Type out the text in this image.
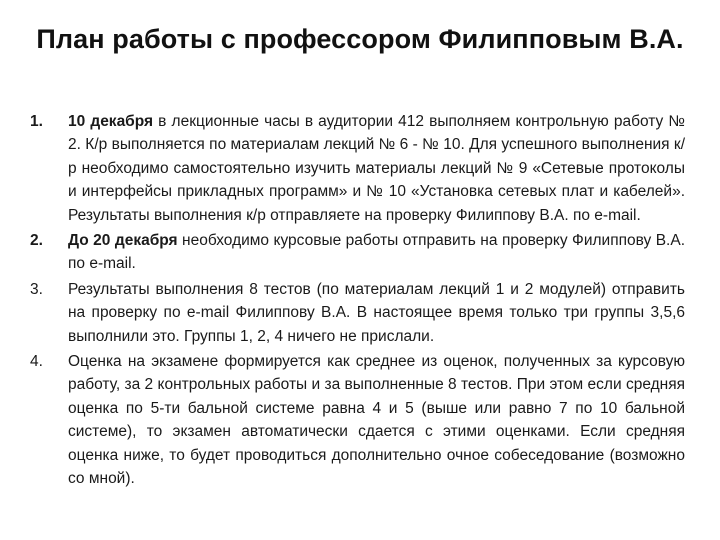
План работы с профессором Филипповым В.А.
1.	10 декабря в лекционные часы в аудитории 412 выполняем контрольную работу № 2. К/р выполняется по материалам лекций № 6 - № 10. Для успешного выполнения к/р необходимо самостоятельно изучить материалы лекций № 9 «Сетевые протоколы и интерфейсы прикладных программ» и № 10 «Установка сетевых плат и кабелей». Результаты выполнения к/р отправляете на проверку Филиппову В.А. по e-mail.
2.	До 20 декабря необходимо курсовые работы отправить на проверку Филиппову В.А. по e-mail.
3.	Результаты выполнения 8 тестов (по материалам лекций 1 и 2 модулей) отправить на проверку по e-mail Филиппову В.А. В настоящее время только три группы 3,5,6 выполнили это. Группы 1, 2, 4 ничего не прислали.
4.	Оценка на экзамене формируется как среднее из оценок, полученных за курсовую работу, за 2 контрольных работы и за выполненные 8 тестов. При этом если средняя оценка по 5-ти бальной системе равна 4 и 5 (выше или равно 7 по 10 бальной системе), то экзамен автоматически сдается с этими оценками. Если средняя оценка ниже, то будет проводиться дополнительно очное собеседование (возможно со мной).
